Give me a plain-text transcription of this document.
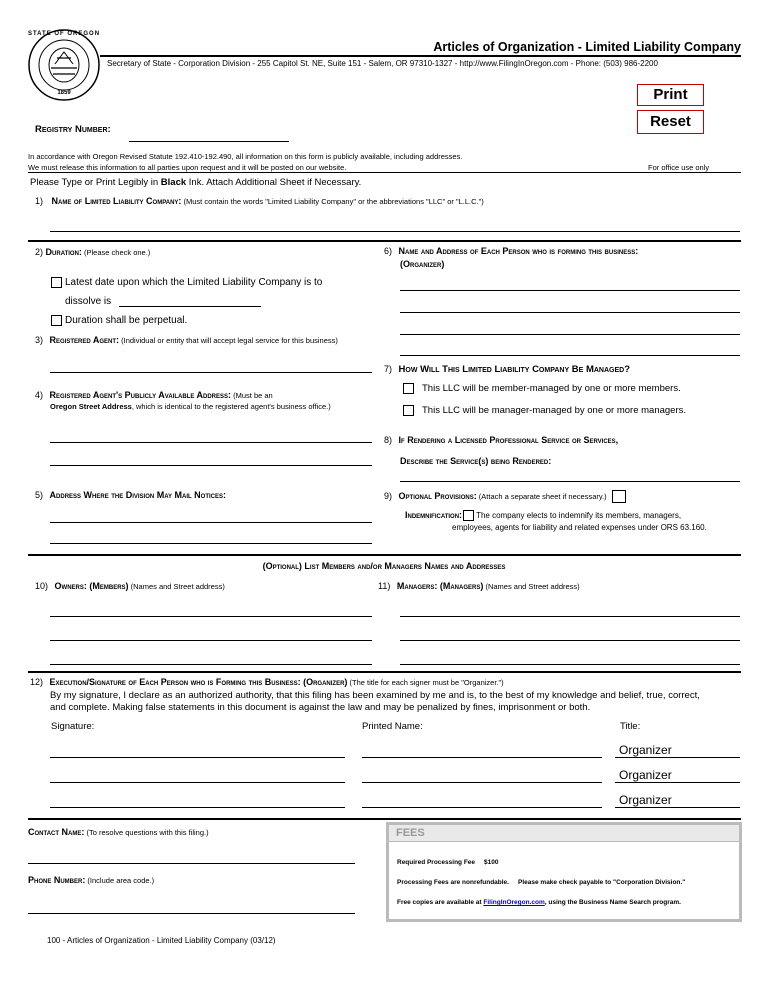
STATE OF OREGON
1859
Articles of Organization - Limited Liability Company
Secretary of State - Corporation Division - 255 Capitol St. NE, Suite 151 - Salem, OR 97310-1327 - http://www.FilingInOregon.com - Phone: (503) 986-2200
Print
Reset
Registry Number:
In accordance with Oregon Revised Statute 192.410-192.490, all information on this form is publicly available, including addresses.
We must release this information to all parties upon request and it will be posted on our website.	For office use only
Please Type or Print Legibly in Black Ink. Attach Additional Sheet if Necessary.
1) Name of Limited Liability Company: (Must contain the words "Limited Liability Company" or the abbreviations "LLC" or "L.L.C.")
2) Duration: (Please check one.)
Latest date upon which the Limited Liability Company is to
dissolve is
Duration shall be perpetual.
3) Registered Agent: (Individual or entity that will accept legal service for this business)
4) Registered Agent's Publicly Available Address: (Must be an
Oregon Street Address, which is identical to the registered agent's business office.)
5) Address Where the Division May Mail Notices:
6) Name and Address of Each Person who is forming this business:
(Organizer)
7) How Will This Limited Liability Company Be Managed?
This LLC will be member-managed by one or more members.
This LLC will be manager-managed by one or more managers.
8) If Rendering a Licensed Professional Service or Services,
Describe the Service(s) being Rendered:
9) Optional Provisions: (Attach a separate sheet if necessary.)
Indemnification: The company elects to indemnify its members, managers,
employees, agents for liability and related expenses under ORS 63.160.
(Optional) List Members and/or Managers Names and Addresses
10) Owners: (Members) (Names and Street address)	11) Managers: (Managers) (Names and Street address)
12) Execution/Signature of Each Person who is Forming this Business: (Organizer) (The title for each signer must be "Organizer.")
By my signature, I declare as an authorized authority, that this filing has been examined by me and is, to the best of my knowledge and belief, true, correct,
and complete. Making false statements in this document is against the law and may be penalized by fines, imprisonment or both.
Signature:	Printed Name:	Title:
Organizer
Organizer
Organizer
Contact Name: (To resolve questions with this filing.)
Phone Number: (Include area code.)
FEES
Required Processing Fee     $100
Processing Fees are nonrefundable.     Please make check payable to "Corporation Division."
Free copies are available at FilingInOregon.com, using the Business Name Search program.
100 - Articles of Organization - Limited Liability Company (03/12)
